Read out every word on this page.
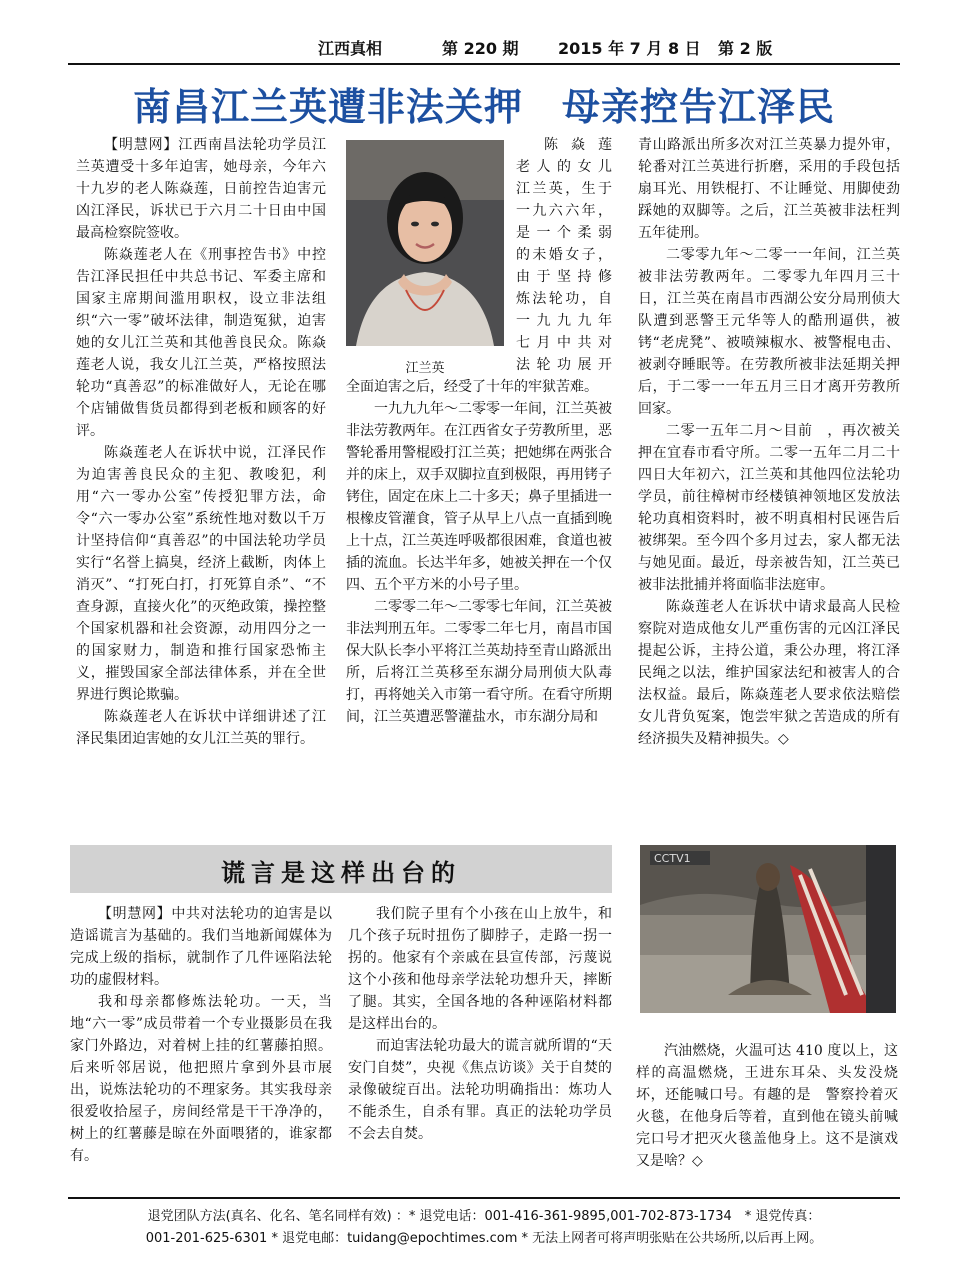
江西真相	第 220 期 2015 年 7 月 8 日 第 2 版
南昌江兰英遭非法关押　母亲控告江泽民

【明慧网】江西南昌法轮功学员江兰英遭受十多年迫害，她母亲，今年六十九岁的老人陈焱莲，日前控告迫害元凶江泽民，诉状已于六月二十日由中国最高检察院签收。

陈焱莲老人在《刑事控告书》中控告江泽民担任中共总书记、军委主席和国家主席期间滥用职权，设立非法组织“六一零”破坏法律，制造冤狱，迫害她的女儿江兰英和其他善良民众。陈焱莲老人说，我女儿江兰英，严格按照法轮功“真善忍”的标准做好人，无论在哪个店铺做售货员都得到老板和顾客的好评。

陈焱莲老人在诉状中说，江泽民作为迫害善良民众的主犯、教唆犯，利用“六一零办公室”传授犯罪方法，命令“六一零办公室”系统性地对数以千万计坚持信仰“真善忍”的中国法轮功学员实行“名誉上搞臭，经济上截断，肉体上消灭”、“打死白打，打死算自杀”、“不查身源，直接火化”的灭绝政策，操控整个国家机器和社会资源，动用四分之一的国家财力，制造和推行国家恐怖主义，摧毁国家全部法律体系，并在全世界进行舆论欺骗。

陈焱莲老人在诉状中详细讲述了江泽民集团迫害她的女儿江兰英的罪行。

江兰英

陈焱莲

老人的女儿

江兰英，生于

一九六六年，

是一个柔弱

的未婚女子，

由于坚持修

炼法轮功，自

一九九九年

七月中共对

法轮功展开

全面迫害之后，经受了十年的牢狱苦难。

一九九九年～二零零一年间，江兰英被非法劳教两年。在江西省女子劳教所里，恶警轮番用警棍殴打江兰英；把她绑在两张合并的床上，双手双脚拉直到极限，再用铐子铐住，固定在床上二十多天；鼻子里插进一根橡皮管灌食，管子从早上八点一直插到晚上十点，江兰英连呼吸都很困难，食道也被插的流血。长达半年多，她被关押在一个仅四、五个平方米的小号子里。

二零零二年～二零零七年间，江兰英被非法判刑五年。二零零二年七月，南昌市国保大队长李小平将江兰英劫持至青山路派出所，后将江兰英移至东湖分局刑侦大队毒打，再将她关入市第一看守所。在看守所期间，江兰英遭恶警灌盐水，市东湖分局和

青山路派出所多次对江兰英暴力提外审，轮番对江兰英进行折磨，采用的手段包括扇耳光、用铁棍打、不让睡觉、用脚使劲踩她的双脚等。之后，江兰英被非法枉判五年徒刑。

二零零九年～二零一一年间，江兰英被非法劳教两年。二零零九年四月三十日，江兰英在南昌市西湖公安分局刑侦大队遭到恶警王元华等人的酷刑逼供，被铐“老虎凳”、被喷辣椒水、被警棍电击、被剥夺睡眠等。在劳教所被非法延期关押后，于二零一一年五月三日才离开劳教所回家。

二零一五年二月～目前　，再次被关押在宜春市看守所。二零一五年二月二十四日大年初六，江兰英和其他四位法轮功学员，前往樟树市经楼镇神领地区发放法轮功真相资料时，被不明真相村民诬告后被绑架。至今四个多月过去，家人都无法与她见面。最近，母亲被告知，江兰英已被非法批捕并将面临非法庭审。

陈焱莲老人在诉状中请求最高人民检察院对造成他女儿严重伤害的元凶江泽民提起公诉，主持公道，秉公办理，将江泽民绳之以法，维护国家法纪和被害人的合法权益。最后，陈焱莲老人要求依法赔偿女儿背负冤案，饱尝牢狱之苦造成的所有经济损失及精神损失。◇

谎言是这样出台的

【明慧网】中共对法轮功的迫害是以造谣谎言为基础的。我们当地新闻媒体为完成上级的指标，就制作了几件诬陷法轮功的虚假材料。

我和母亲都修炼法轮功。一天，当地“六一零”成员带着一个专业摄影员在我家门外路边，对着树上挂的红薯藤拍照。后来听邻居说，他把照片拿到外县市展出，说炼法轮功的不理家务。其实我母亲很爱收拾屋子，房间经常是干干净净的，树上的红薯藤是晾在外面喂猪的，谁家都有。

我们院子里有个小孩在山上放牛，和几个孩子玩时扭伤了脚脖子，走路一拐一拐的。他家有个亲戚在县宣传部，污蔑说这个小孩和他母亲学法轮功想升天，摔断了腿。其实，全国各地的各种诬陷材料都是这样出台的。

而迫害法轮功最大的谎言就所谓的“天安门自焚”，央视《焦点访谈》关于自焚的录像破绽百出。法轮功明确指出：炼功人不能杀生，自杀有罪。真正的法轮功学员不会去自焚。

CCTV1

汽油燃烧，火温可达 410 度以上，这样的高温燃烧，王进东耳朵、头发没烧坏，还能喊口号。有趣的是　警察拎着灭火毯，在他身后等着，直到他在镜头前喊完口号才把灭火毯盖他身上。这不是演戏又是啥？◇

退党团队方法(真名、化名、笔名同样有效) ：* 退党电话：001-416-361-9895,001-702-873-1734　* 退党传真：
001-201-625-6301 * 退党电邮：tuidang@epochtimes.com * 无法上网者可将声明张贴在公共场所,以后再上网。
